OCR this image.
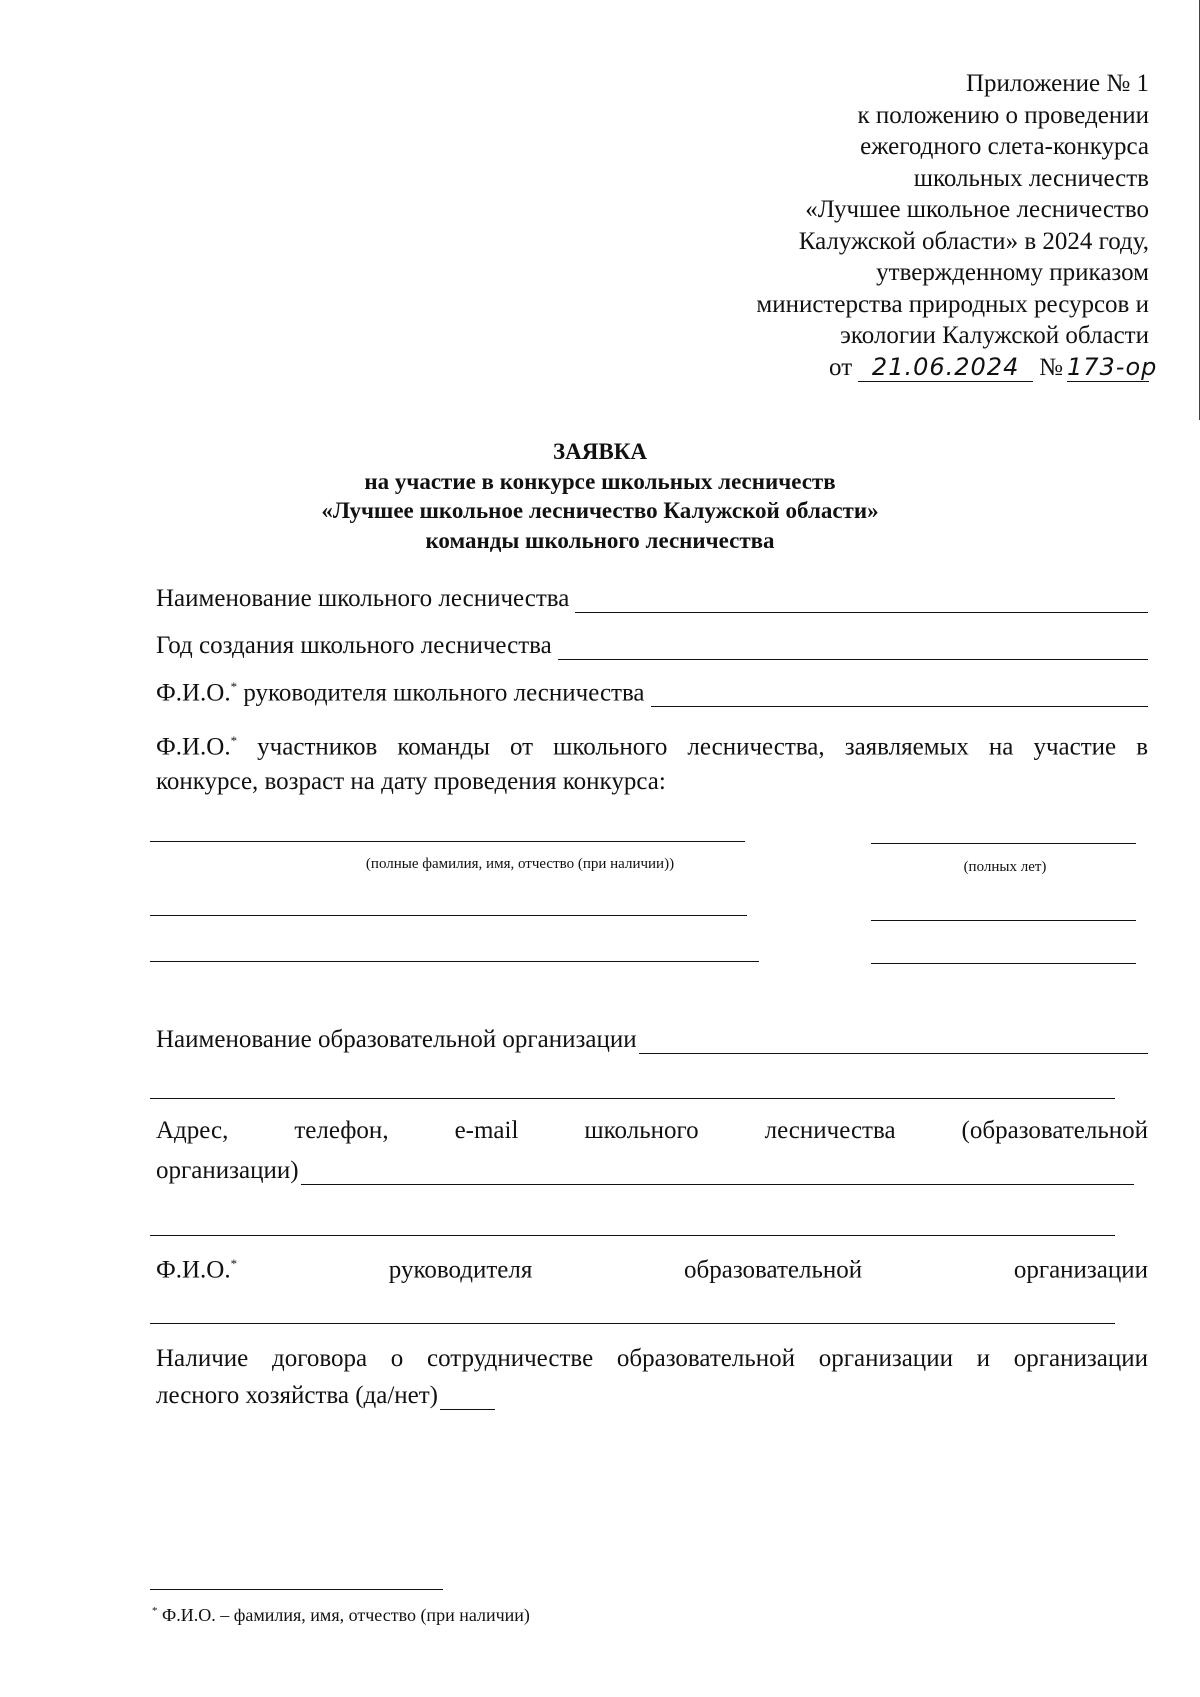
Приложение № 1
к положению о проведении
ежегодного слета-конкурса
школьных лесничеств
«Лучшее школьное лесничество
Калужской области» в 2024 году,
утвержденному приказом
министерства природных ресурсов и
экологии Калужской области
от 21.06.2024 № 173-ор
ЗАЯВКА
на участие в конкурсе школьных лесничеств
«Лучшее школьное лесничество Калужской области»
команды школьного лесничества
Наименование школьного лесничества
Год создания школьного лесничества
Ф.И.О.* руководителя школьного лесничества
Ф.И.О.* участников команды от школьного лесничества, заявляемых на участие в
конкурсе, возраст на дату проведения конкурса:
(полные фамилия, имя, отчество (при наличии))	(полных лет)
Наименование образовательной организации
Адрес, телефон, e-mail школьного лесничества (образовательной
организации)
Ф.И.О.*	руководителя	образовательной	организации
Наличие договора о сотрудничестве образовательной организации и организации
лесного хозяйства (да/нет)
* Ф.И.О. – фамилия, имя, отчество (при наличии)
